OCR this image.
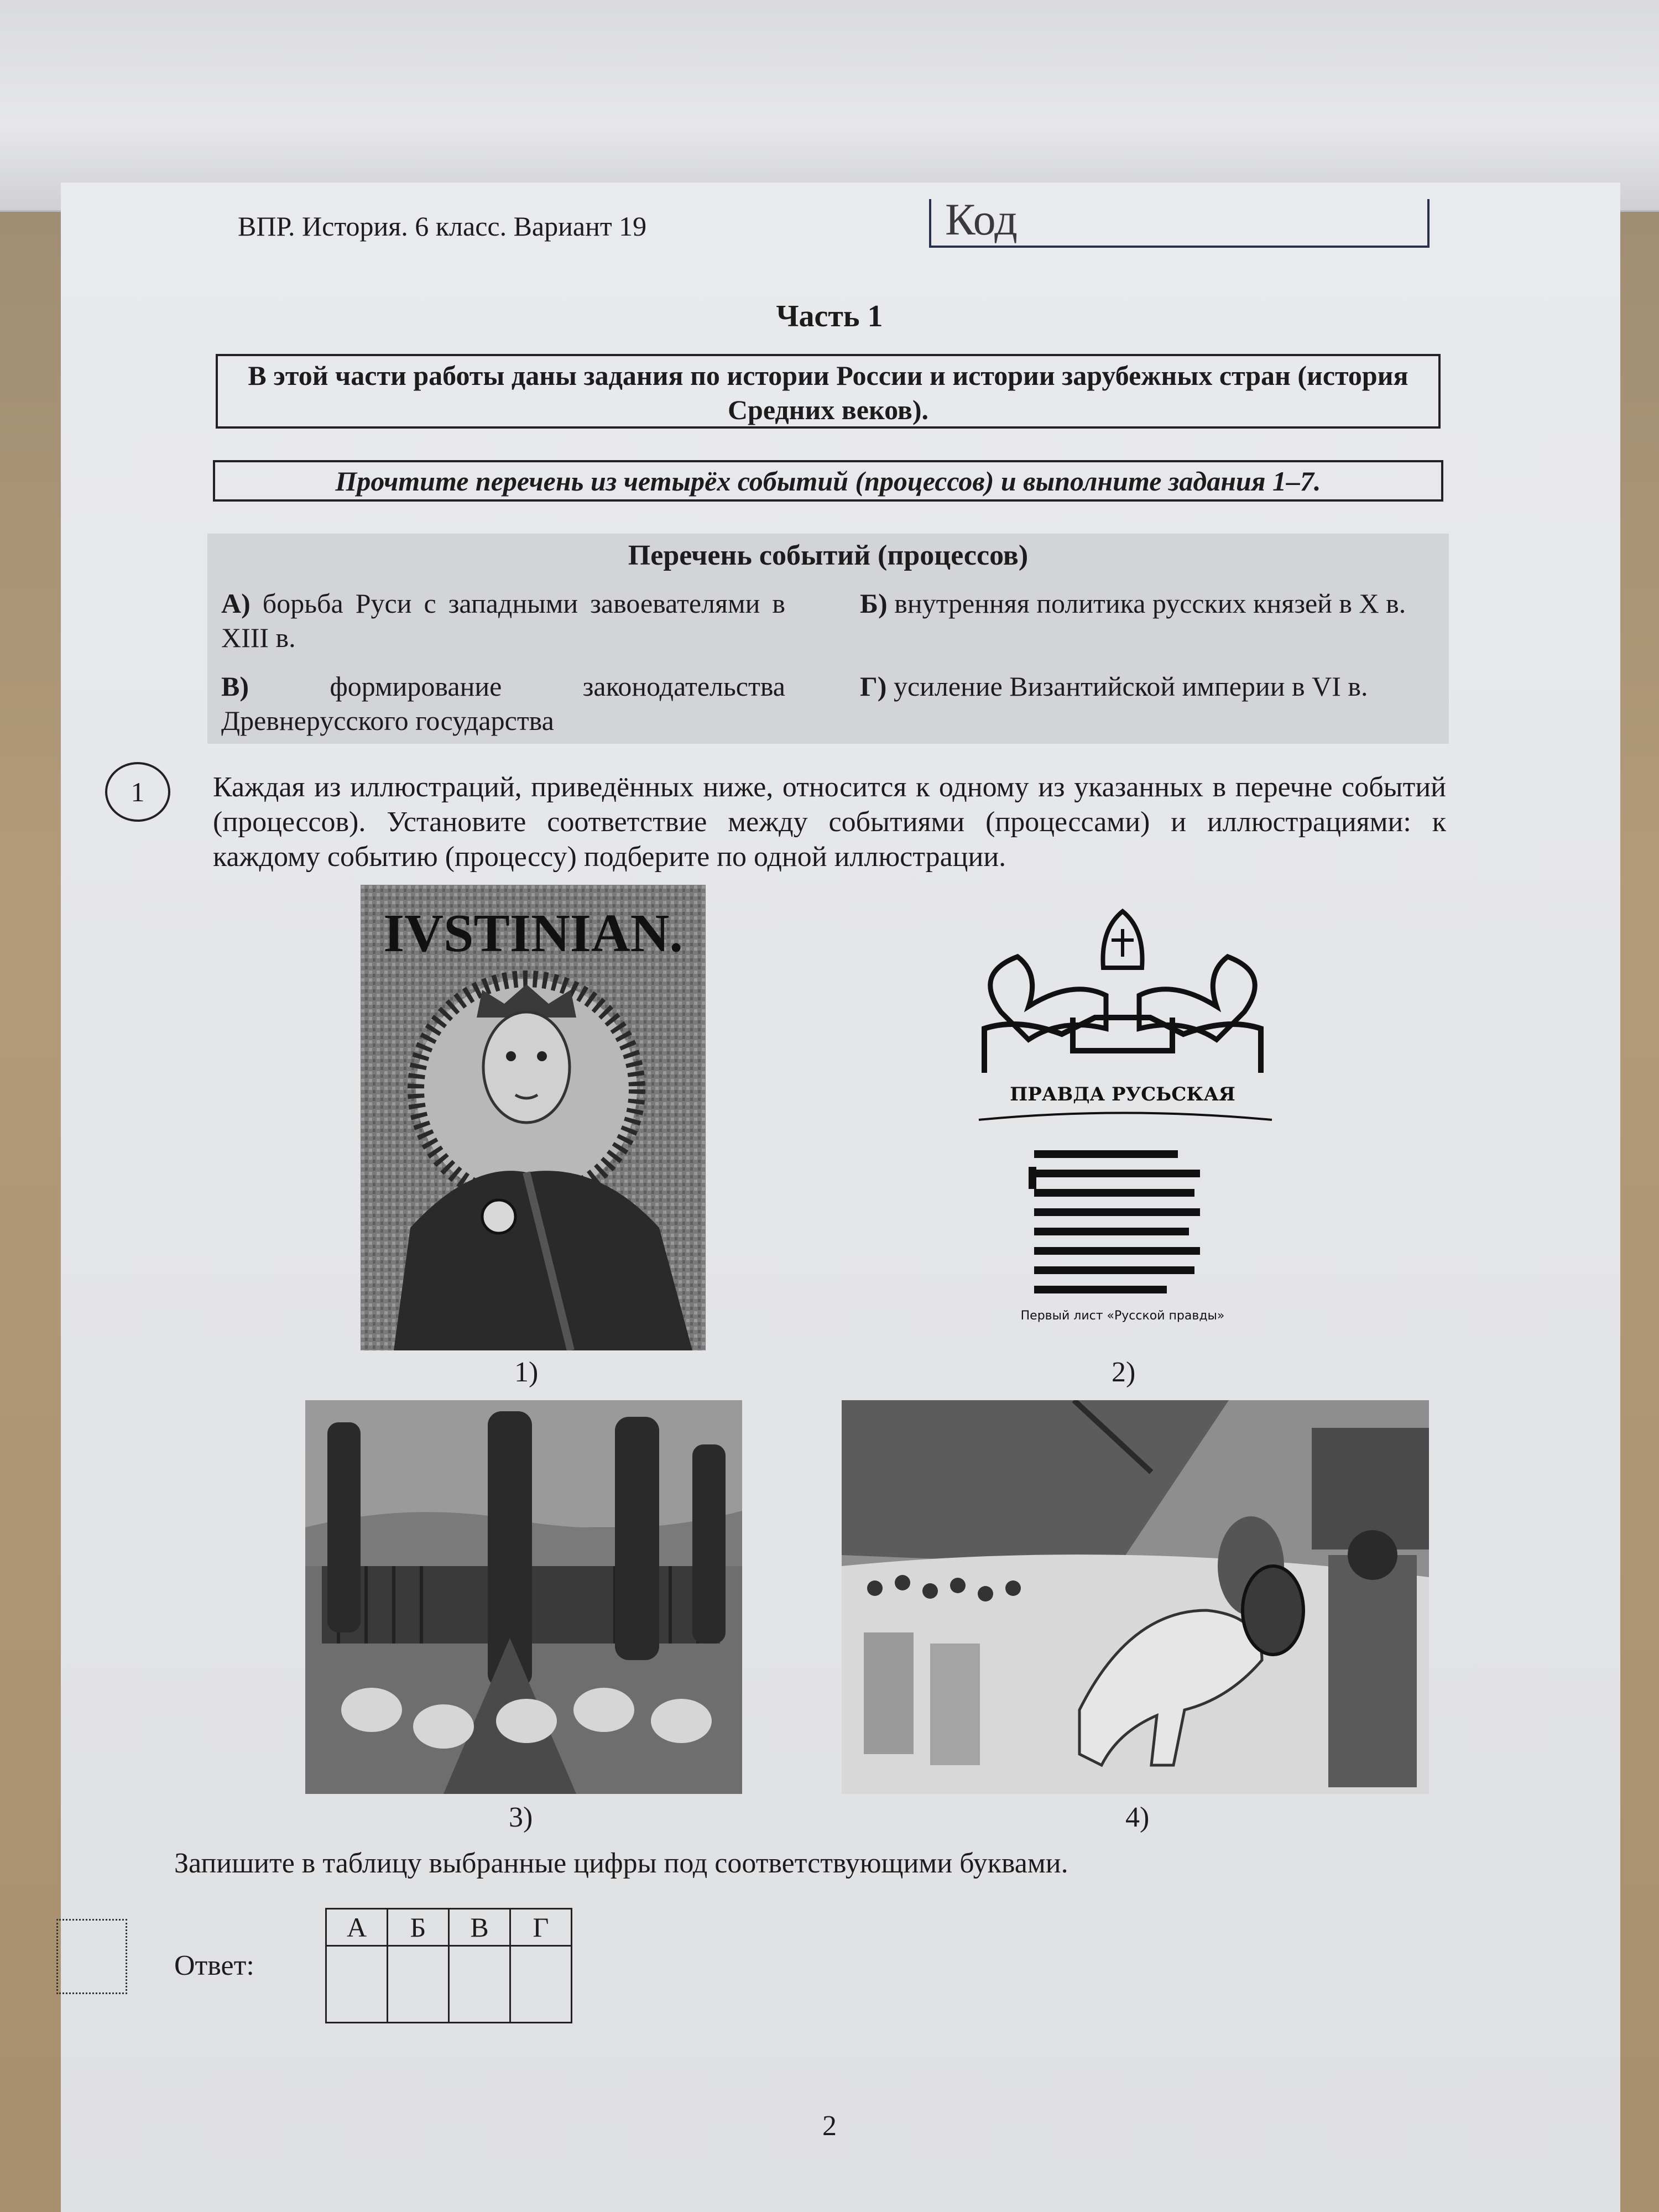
ВПР. История. 6 класс. Вариант 19	Код
Часть 1
В этой части работы даны задания по истории России и истории зарубежных стран (история Средних веков).
Прочтите перечень из четырёх событий (процессов) и выполните задания 1–7.
Перечень событий (процессов)
А) борьба Руси с западными завоевателями в XIII в.
Б) внутренняя политика русских князей в X в.
В)	формирование законодательства Древнерусского государства
Г) усиление Византийской империи в VI в.
1	Каждая из иллюстраций, приведённых ниже, относится к одному из указанных в перечне событий (процессов). Установите соответствие между событиями (процессами) и иллюстрациями: к каждому событию (процессу) подберите по одной иллюстрации.
IVSTINIAN.
ПРАВДА РУСЬСКАЯ
Первый лист «Русской правды»
1)	2)
3)	4)
Запишите в таблицу выбранные цифры под соответствующими буквами.
Ответ:
А	Б	В	Г

2
